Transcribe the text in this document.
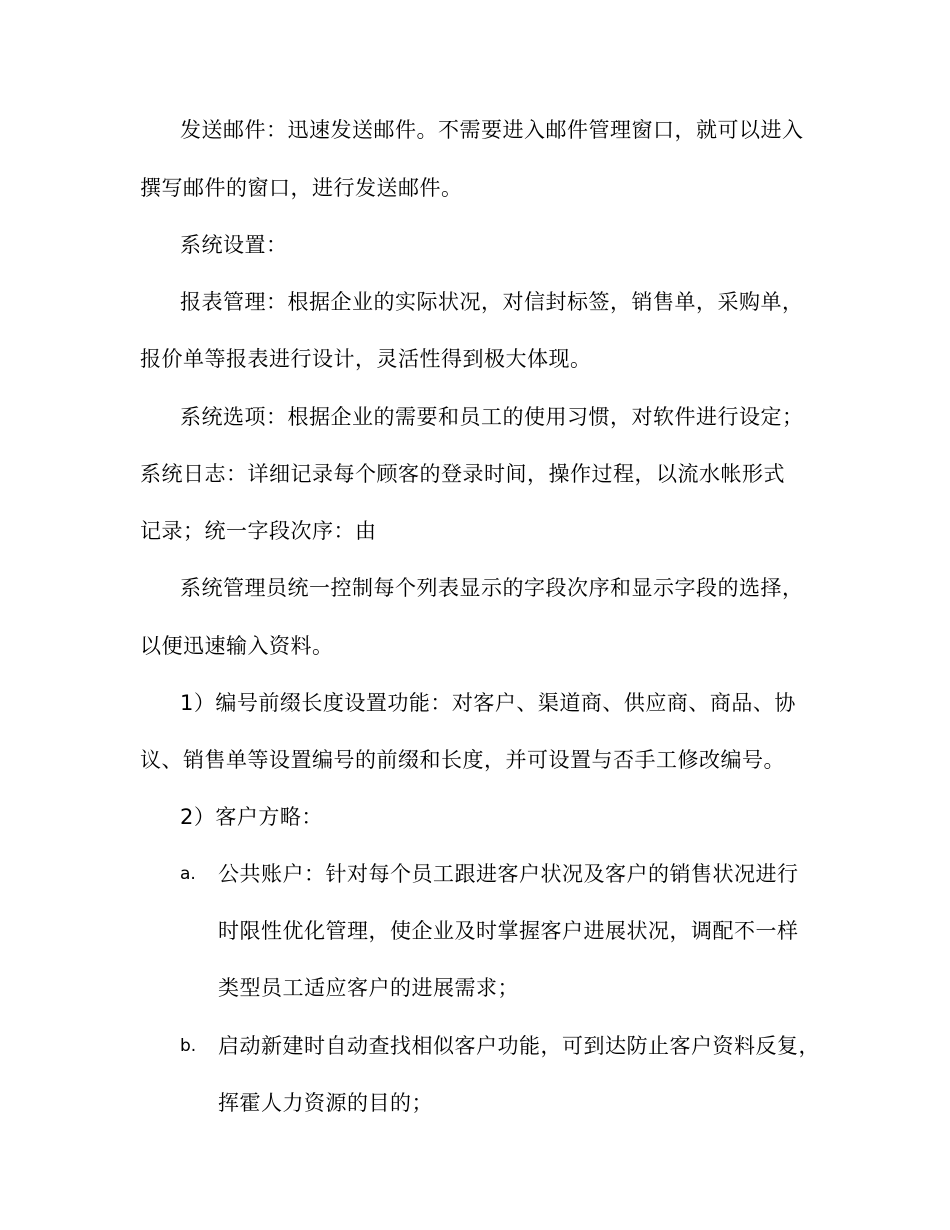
发送邮件：迅速发送邮件。不需要进入邮件管理窗口，就可以进入
撰写邮件的窗口，进行发送邮件。
系统设置：
报表管理：根据企业的实际状况，对信封标签，销售单，采购单，
报价单等报表进行设计，灵活性得到极大体现。
系统选项：根据企业的需要和员工的使用习惯，对软件进行设定；
系统日志：详细记录每个顾客的登录时间，操作过程，以流水帐形式
记录；统一字段次序：由
系统管理员统一控制每个列表显示的字段次序和显示字段的选择，
以便迅速输入资料。
1）编号前缀长度设置功能：对客户、渠道商、供应商、商品、协
议、销售单等设置编号的前缀和长度，并可设置与否手工修改编号。
2）客户方略：
a. 公共账户：针对每个员工跟进客户状况及客户的销售状况进行
时限性优化管理，使企业及时掌握客户进展状况，调配不一样
类型员工适应客户的进展需求；
b. 启动新建时自动查找相似客户功能，可到达防止客户资料反复，
挥霍人力资源的目的；
